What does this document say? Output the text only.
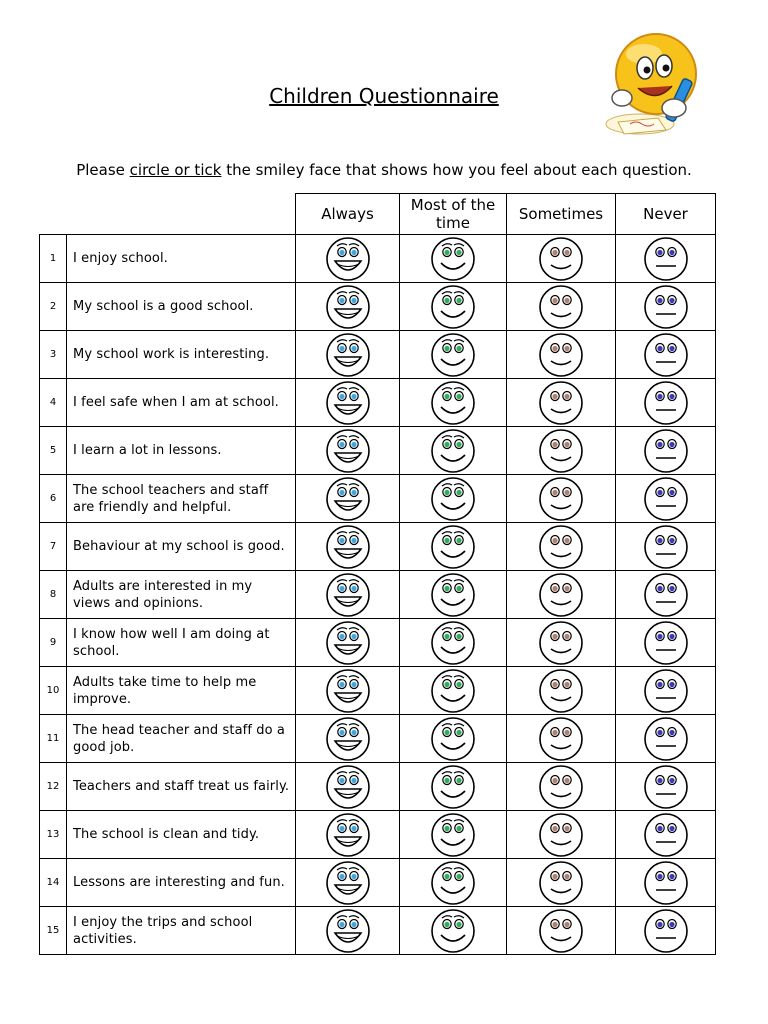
Children Questionnaire
Please circle or tick the smiley face that shows how you feel about each question.
		Always	Most of the time	Sometimes	Never
1	I enjoy school.	

2	My school is a good school.	

3	My school work is interesting.	

4	I feel safe when I am at school.	

5	I learn a lot in lessons.	

6	The school teachers and staff are friendly and helpful.	

7	Behaviour at my school is good.	

8	Adults are interested in my views and opinions.	

9	I know how well I am doing at school.	

10	Adults take time to help me improve.	

11	The head teacher and staff do a good job.	

12	Teachers and staff treat us fairly.	

13	The school is clean and tidy.	

14	Lessons are interesting and fun.	

15	I enjoy the trips and school activities.	
